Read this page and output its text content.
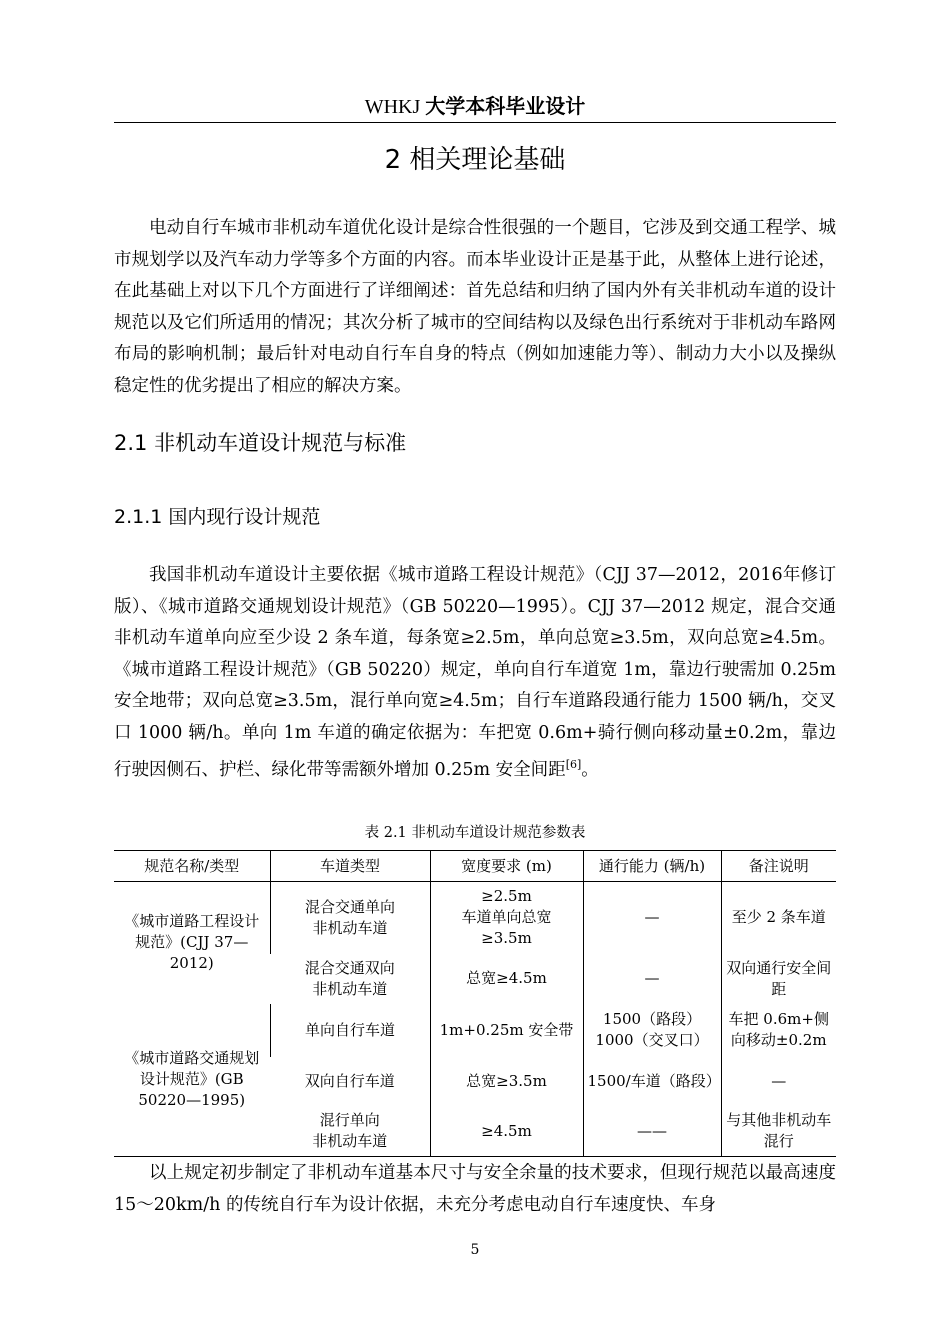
WHKJ 大学本科毕业设计
2 相关理论基础

电动自行车城市非机动车道优化设计是综合性很强的一个题目，它涉及到交通工程学、城市规划学以及汽车动力学等多个方面的内容。而本毕业设计正是基于此，从整体上进行论述，在此基础上对以下几个方面进行了详细阐述：首先总结和归纳了国内外有关非机动车道的设计规范以及它们所适用的情况；其次分析了城市的空间结构以及绿色出行系统对于非机动车路网布局的影响机制；最后针对电动自行车自身的特点（例如加速能力等）、制动力大小以及操纵稳定性的优劣提出了相应的解决方案。

2.1 非机动车道设计规范与标准
2.1.1 国内现行设计规范

我国非机动车道设计主要依据《城市道路工程设计规范》（CJJ 37—2012，2016年修订版）、《城市道路交通规划设计规范》（GB 50220—1995）。CJJ 37—2012 规定，混合交通非机动车道单向应至少设 2 条车道，每条宽≥2.5m，单向总宽≥3.5m，双向总宽≥4.5m。《城市道路工程设计规范》（GB 50220）规定，单向自行车道宽 1m，靠边行驶需加 0.25m 安全地带；双向总宽≥3.5m，混行单向宽≥4.5m；自行车道路段通行能力 1500 辆/h，交叉口 1000 辆/h。单向 1m 车道的确定依据为：车把宽 0.6m+骑行侧向移动量±0.2m，靠边行驶因侧石、护栏、绿化带等需额外增加 0.25m 安全间距[6]。

表 2.1 非机动车道设计规范参数表
规范名称/类型	车道类型	宽度要求 (m)	通行能力 (辆/h)	备注说明
《城市道路工程设计规范》(CJJ 37—2012)	混合交通单向
非机动车道	≥2.5m
车道单向总宽
≥3.5m	—	至少 2 条车道
	混合交通双向
非机动车道	总宽≥4.5m	—	双向通行安全间距
《城市道路交通规划设计规范》(GB 50220—1995)	单向自行车道	1m+0.25m 安全带	1500（路段）
1000（交叉口）	车把 0.6m+侧向移动±0.2m
	双向自行车道	总宽≥3.5m	1500/车道（路段）	—
	混行单向
非机动车道	≥4.5m	——	与其他非机动车混行

以上规定初步制定了非机动车道基本尺寸与安全余量的技术要求，但现行规范以最高速度 15～20km/h 的传统自行车为设计依据，未充分考虑电动自行车速度快、车身

5
